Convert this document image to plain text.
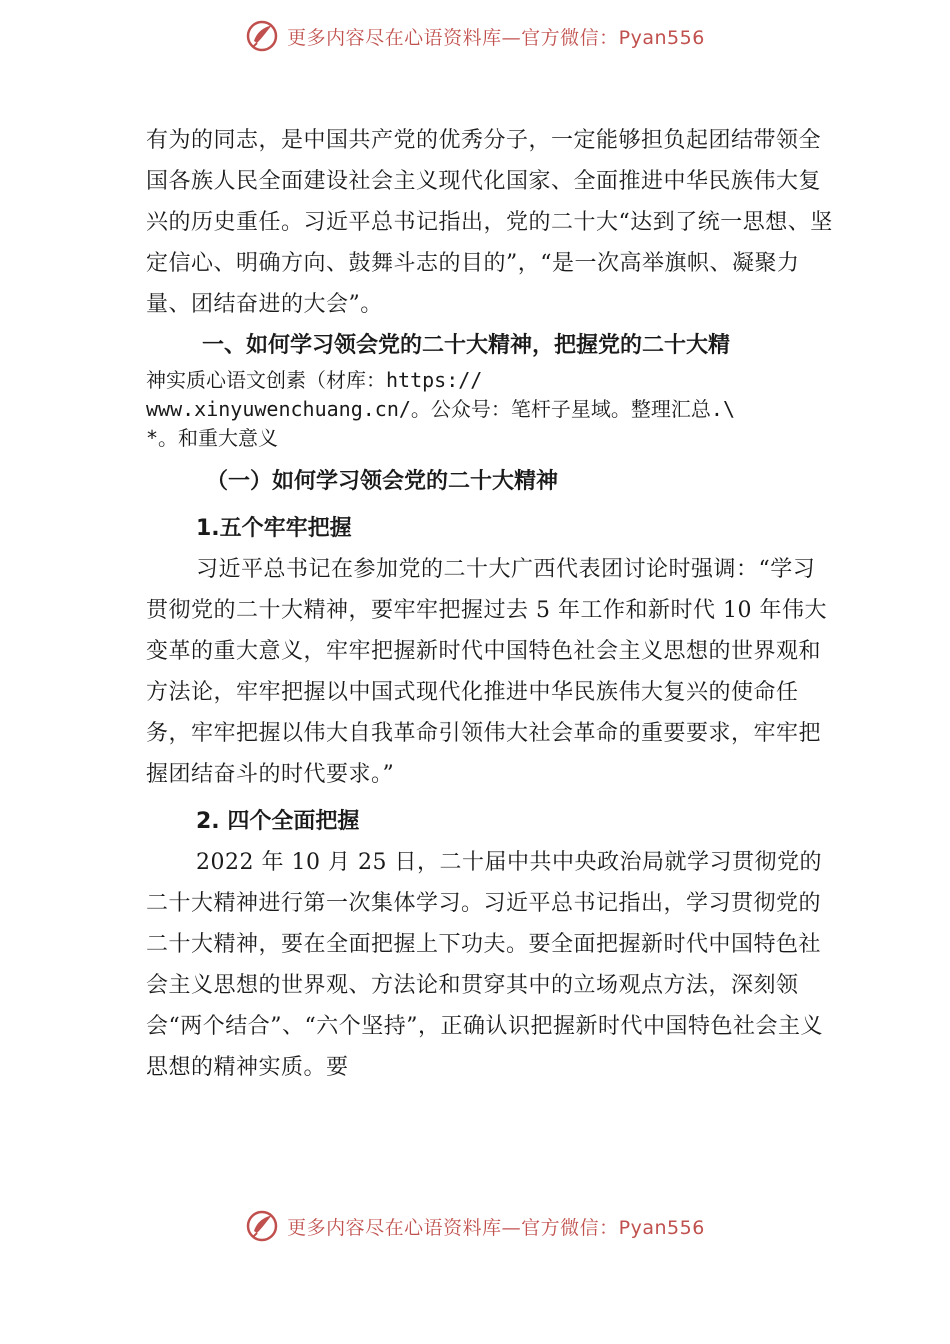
更多内容尽在心语资料库—官方微信：Pyan556

有为的同志，是中国共产党的优秀分子，一定能够担负起团结带领全国各族人民全面建设社会主义现代化国家、全面推进中华民族伟大复兴的历史重任。习近平总书记指出，党的二十大“达到了统一思想、坚定信心、明确方向、鼓舞斗志的目的”，“是一次高举旗帜、凝聚力量、团结奋进的大会”。

一、如何学习领会党的二十大精神，把握党的二十大精

神实质心语文创素（材库：https://
www.xinyuwenchuang.cn/。公众号：笔杆子星域。整理汇总.\
*。和重大意义

（一）如何学习领会党的二十大精神

1.五个牢牢把握

习近平总书记在参加党的二十大广西代表团讨论时强调：“学习贯彻党的二十大精神，要牢牢把握过去 5 年工作和新时代 10 年伟大变革的重大意义，牢牢把握新时代中国特色社会主义思想的世界观和方法论，牢牢把握以中国式现代化推进中华民族伟大复兴的使命任务，牢牢把握以伟大自我革命引领伟大社会革命的重要要求，牢牢把握团结奋斗的时代要求。”

2. 四个全面把握

2022 年 10 月 25 日，二十届中共中央政治局就学习贯彻党的二十大精神进行第一次集体学习。习近平总书记指出，学习贯彻党的二十大精神，要在全面把握上下功夫。要全面把握新时代中国特色社会主义思想的世界观、方法论和贯穿其中的立场观点方法，深刻领会“两个结合”、“六个坚持”，正确认识把握新时代中国特色社会主义思想的精神实质。要

更多内容尽在心语资料库—官方微信：Pyan556
